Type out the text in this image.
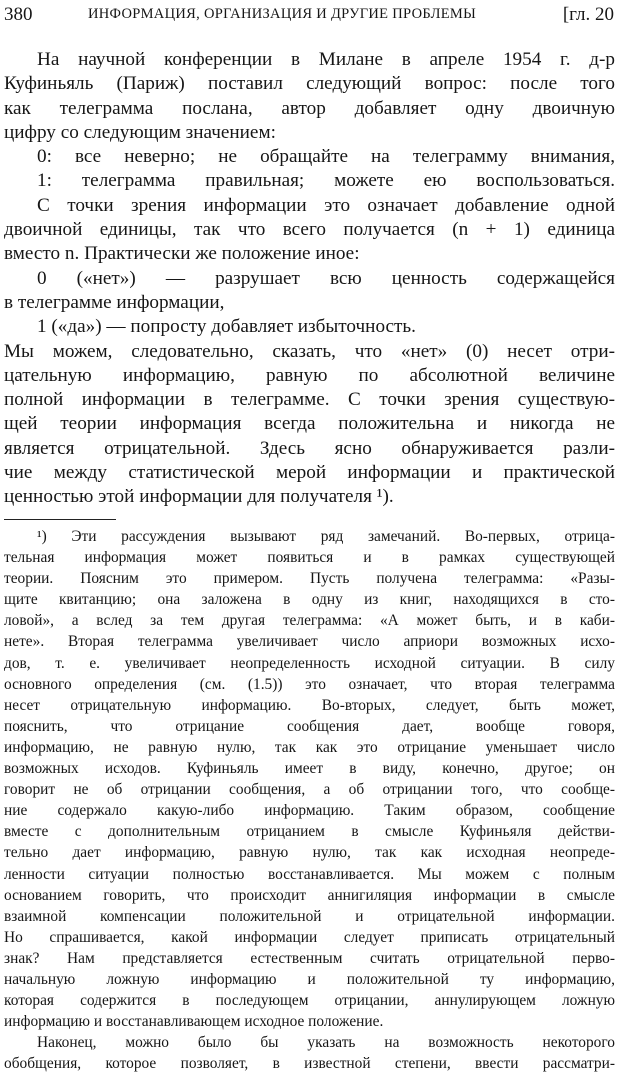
380	ИНФОРМАЦИЯ, ОРГАНИЗАЦИЯ И ДРУГИЕ ПРОБЛЕМЫ	[гл. 20
На научной конференции в Милане в апреле 1954 г. д-р
Куфиньяль (Париж) поставил следующий вопрос: после того
как телеграмма послана, автор добавляет одну двоичную
цифру со следующим значением:
0: все неверно; не обращайте на телеграмму внимания,
1: телеграмма правильная; можете ею воспользоваться.
С точки зрения информации это означает добавление одной
двоичной единицы, так что всего получается (n + 1) единица
вместо n. Практически же положение иное:
0 («нет») — разрушает всю ценность содержащейся
в телеграмме информации,
1 («да») — попросту добавляет избыточность.
Мы можем, следовательно, сказать, что «нет» (0) несет отри-
цательную информацию, равную по абсолютной величине
полной информации в телеграмме. С точки зрения существую-
щей теории информация всегда положительна и никогда не
является отрицательной. Здесь ясно обнаруживается разли-
чие между статистической мерой информации и практической
ценностью этой информации для получателя ¹).
¹) Эти рассуждения вызывают ряд замечаний. Во-первых, отрица-
тельная информация может появиться и в рамках существующей
теории. Поясним это примером. Пусть получена телеграмма: «Разы-
щите квитанцию; она заложена в одну из книг, находящихся в сто-
ловой», а вслед за тем другая телеграмма: «А может быть, и в каби-
нете». Вторая телеграмма увеличивает число априори возможных исхо-
дов, т. е. увеличивает неопределенность исходной ситуации. В силу
основного определения (см. (1.5)) это означает, что вторая телеграмма
несет отрицательную информацию. Во-вторых, следует, быть может,
пояснить, что отрицание сообщения дает, вообще говоря,
информацию, не равную нулю, так как это отрицание уменьшает число
возможных исходов. Куфиньяль имеет в виду, конечно, другое; он
говорит не об отрицании сообщения, а об отрицании того, что сообще-
ние содержало какую-либо информацию. Таким образом, сообщение
вместе с дополнительным отрицанием в смысле Куфиньяля действи-
тельно дает информацию, равную нулю, так как исходная неопреде-
ленности ситуации полностью восстанавливается. Мы можем с полным
основанием говорить, что происходит аннигиляция информации в смысле
взаимной компенсации положительной и отрицательной информации.
Но спрашивается, какой информации следует приписать отрицательный
знак? Нам представляется естественным считать отрицательной перво-
начальную ложную информацию и положительной ту информацию,
которая содержится в последующем отрицании, аннулирующем ложную
информацию и восстанавливающем исходное положение.
Наконец, можно было бы указать на возможность некоторого
обобщения, которое позволяет, в известной степени, ввести рассматри-
